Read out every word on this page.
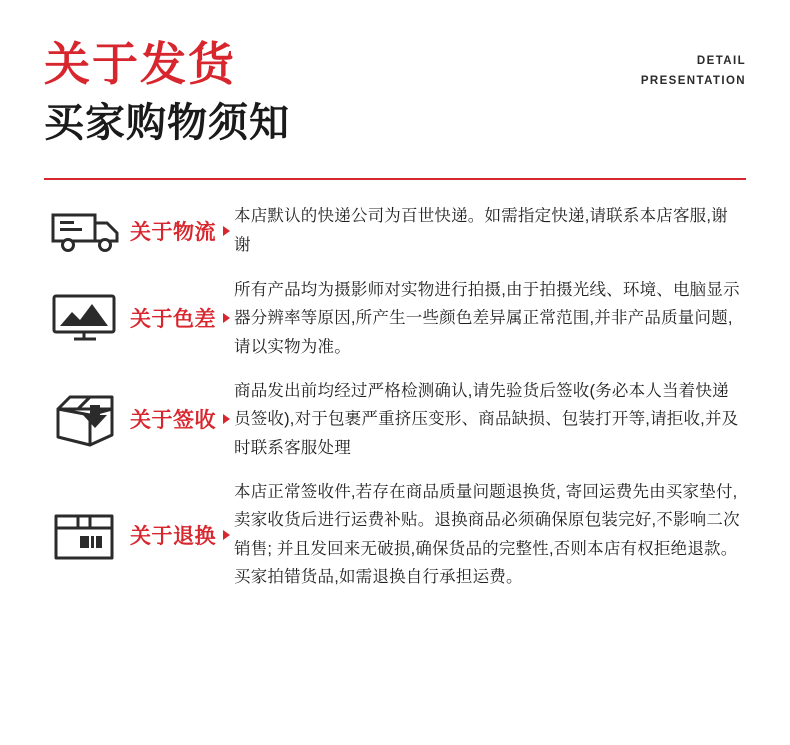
关于发货
买家购物须知
DETAIL
PRESENTATION
关于物流
本店默认的快递公司为百世快递。如需指定快递,请联系本店客服,谢谢
关于色差
所有产品均为摄影师对实物进行拍摄,由于拍摄光线、环境、电脑显示器分辨率等原因,所产生一些颜色差异属正常范围,并非产品质量问题,请以实物为准。
关于签收
商品发出前均经过严格检测确认,请先验货后签收(务必本人当着快递员签收),对于包裹严重挤压变形、商品缺损、包装打开等,请拒收,并及时联系客服处理
关于退换
本店正常签收件,若存在商品质量问题退换货, 寄回运费先由买家垫付,卖家收货后进行运费补贴。退换商品必须确保原包装完好,不影响二次销售; 并且发回来无破损,确保货品的完整性,否则本店有权拒绝退款。买家拍错货品,如需退换自行承担运费。
